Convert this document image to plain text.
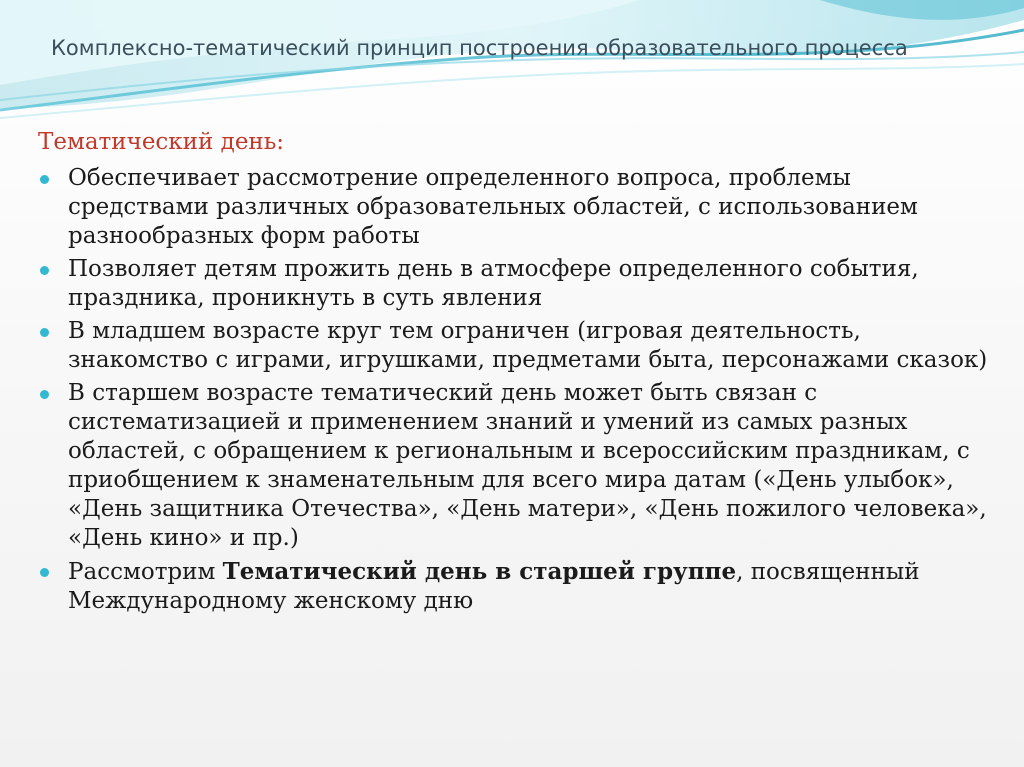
Комплексно-тематический принцип построения образовательного процесса
Тематический день:
Обеспечивает рассмотрение определенного вопроса, проблемы средствами различных образовательных областей, с использованием разнообразных форм работы
Позволяет детям прожить день в атмосфере определенного события, праздника, проникнуть в суть явления
В младшем возрасте круг тем ограничен (игровая деятельность, знакомство с играми, игрушками, предметами быта, персонажами сказок)
В старшем возрасте тематический день может быть связан с систематизацией и применением знаний и умений из самых разных областей, с обращением к региональным и всероссийским праздникам, с приобщением к знаменательным для всего мира датам («День улыбок», «День защитника Отечества», «День матери», «День пожилого человека», «День кино» и пр.)
Рассмотрим Тематический день в старшей группе, посвященный Международному женскому дню
